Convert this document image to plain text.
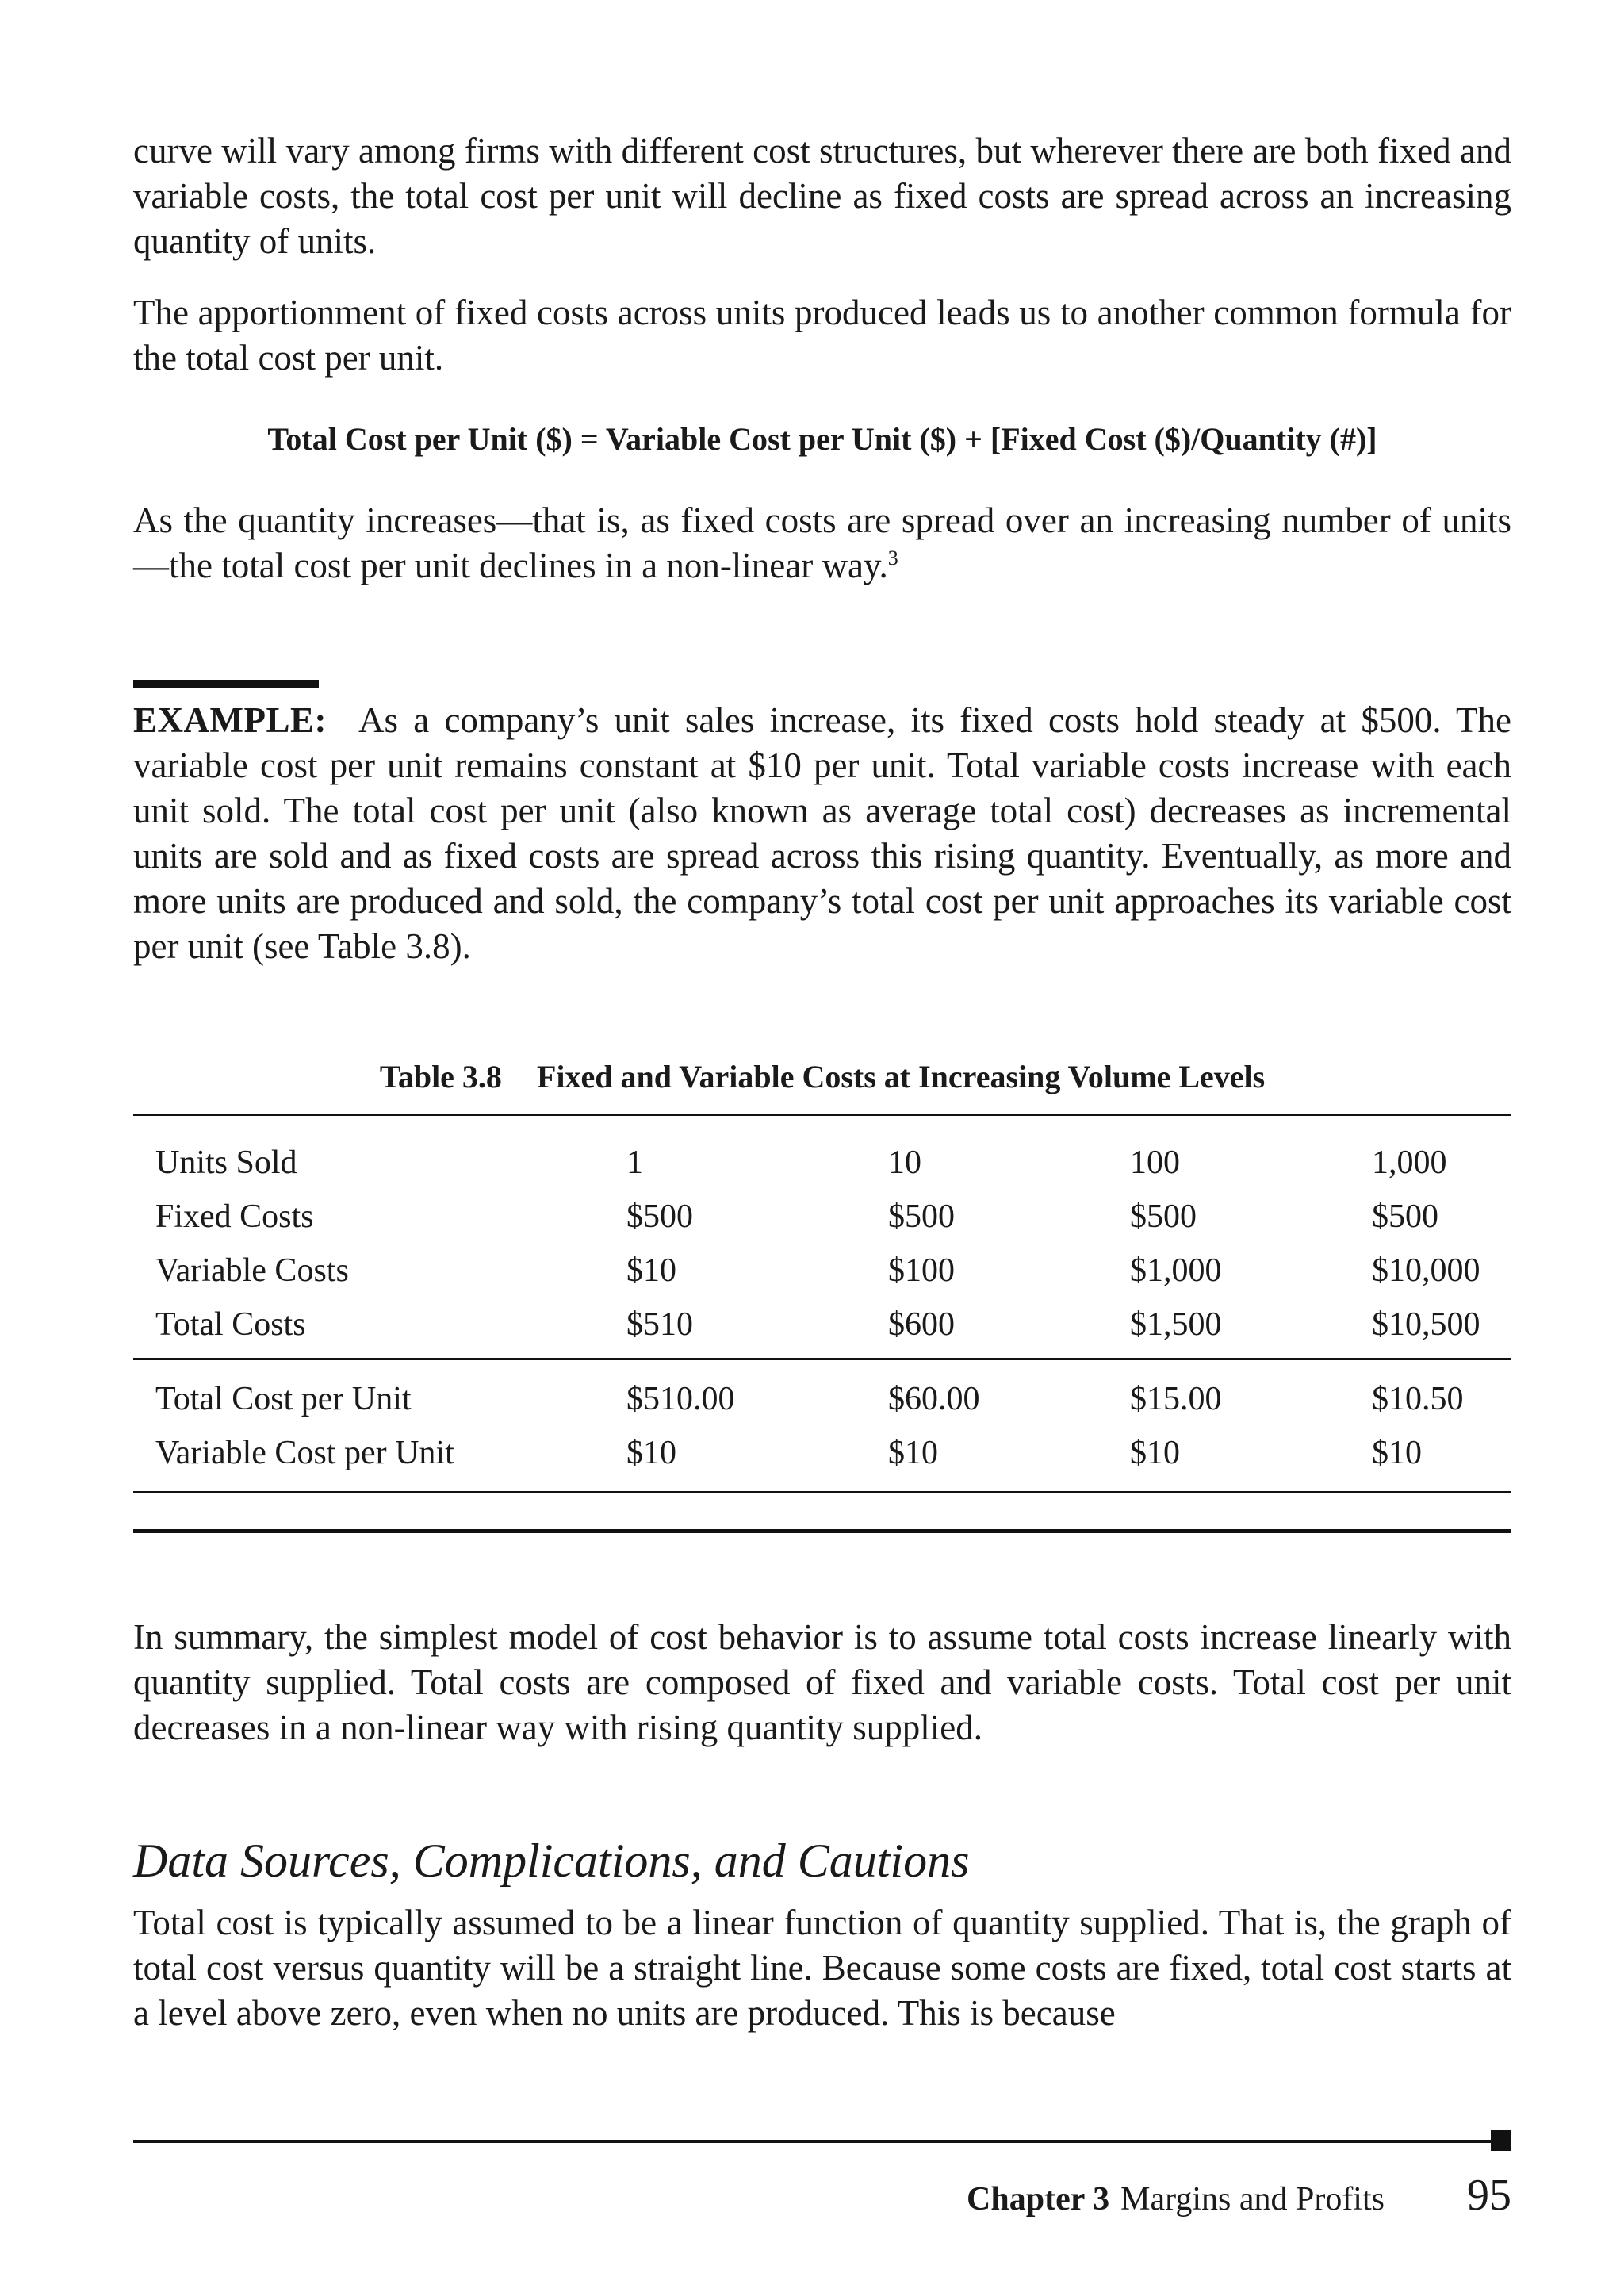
curve will vary among firms with different cost structures, but wherever there are both fixed and variable costs, the total cost per unit will decline as fixed costs are spread across an increasing quantity of units.

The apportionment of fixed costs across units produced leads us to another common formula for the total cost per unit.

Total Cost per Unit ($) = Variable Cost per Unit ($) + [Fixed Cost ($)/Quantity (#)]

As the quantity increases—that is, as fixed costs are spread over an increasing number of units—the total cost per unit declines in a non-linear way.$^3$

EXAMPLE: As a company’s unit sales increase, its fixed costs hold steady at $500. The variable cost per unit remains constant at $10 per unit. Total variable costs increase with each unit sold. The total cost per unit (also known as average total cost) decreases as incremental units are sold and as fixed costs are spread across this rising quantity. Eventually, as more and more units are produced and sold, the company’s total cost per unit approaches its variable cost per unit (see Table 3.8).

Table 3.8 Fixed and Variable Costs at Increasing Volume Levels
Units Sold	1	10	100	1,000
Fixed Costs	$500	$500	$500	$500
Variable Costs	$10	$100	$1,000	$10,000
Total Costs	$510	$600	$1,500	$10,500
Total Cost per Unit	$510.00	$60.00	$15.00	$10.50
Variable Cost per Unit	$10	$10	$10	$10

In summary, the simplest model of cost behavior is to assume total costs increase linearly with quantity supplied. Total costs are composed of fixed and variable costs. Total cost per unit decreases in a non-linear way with rising quantity supplied.

Data Sources, Complications, and Cautions

Total cost is typically assumed to be a linear function of quantity supplied. That is, the graph of total cost versus quantity will be a straight line. Because some costs are fixed, total cost starts at a level above zero, even when no units are produced. This is because

Chapter 3 Margins and Profits 95
